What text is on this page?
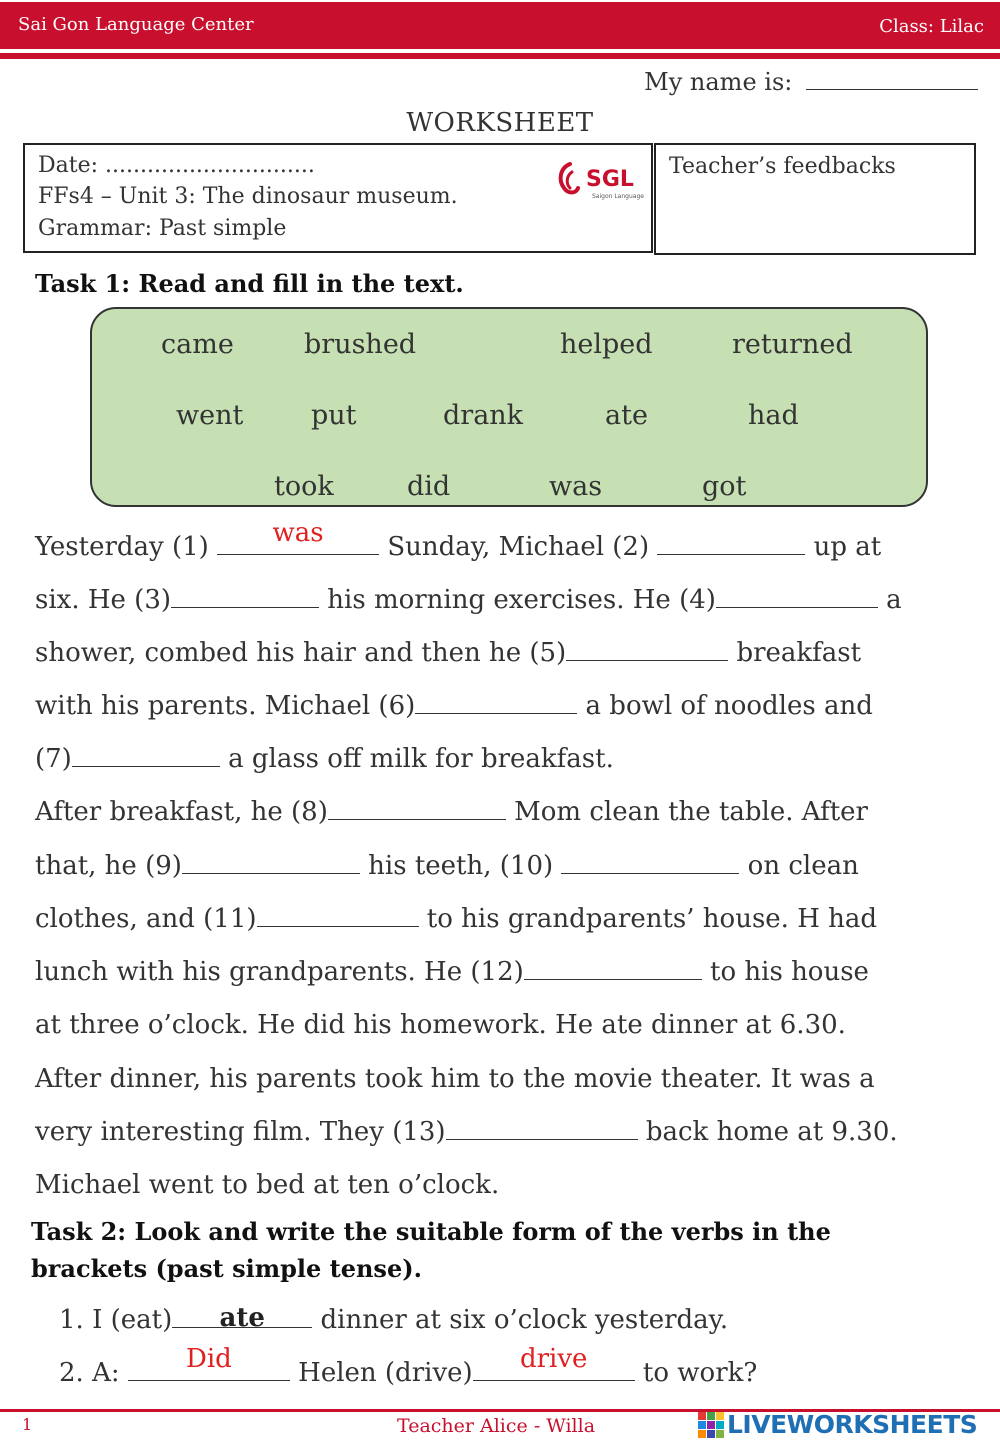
Sai Gon Language Center	Class: Lilac
My name is:
WORKSHEET
Date: ..............................
FFs4 – Unit 3: The dinosaur museum.
Grammar: Past simple
SGL
Saigon Language
Teacher’s feedbacks
Task 1: Read and fill in the text.
came	brushed	helped	returned
went	put	drank	ate	had
took	did	was	got
Yesterday (1)	was	Sunday, Michael (2)	up at
six. He (3)	his morning exercises. He (4)	a
shower, combed his hair and then he (5)	breakfast
with his parents. Michael (6)	a bowl of noodles and
(7)	a glass off milk for breakfast.
After breakfast, he (8)	Mom clean the table. After
that, he (9)	his teeth, (10)	on clean
clothes, and (11)	to his grandparents’ house. H had
lunch with his grandparents. He (12)	to his house
at three o’clock. He did his homework. He ate dinner at 6.30.
After dinner, his parents took him to the movie theater. It was a
very interesting film. They (13)	back home at 9.30.
Michael went to bed at ten o’clock.
Task 2: Look and write the suitable form of the verbs in the
brackets (past simple tense).
1. I (eat)	ate	dinner at six o’clock yesterday.
2. A:	Did	Helen (drive)	drive	to work?
1	Teacher Alice - Willa	LIVEWORKSHEETS
